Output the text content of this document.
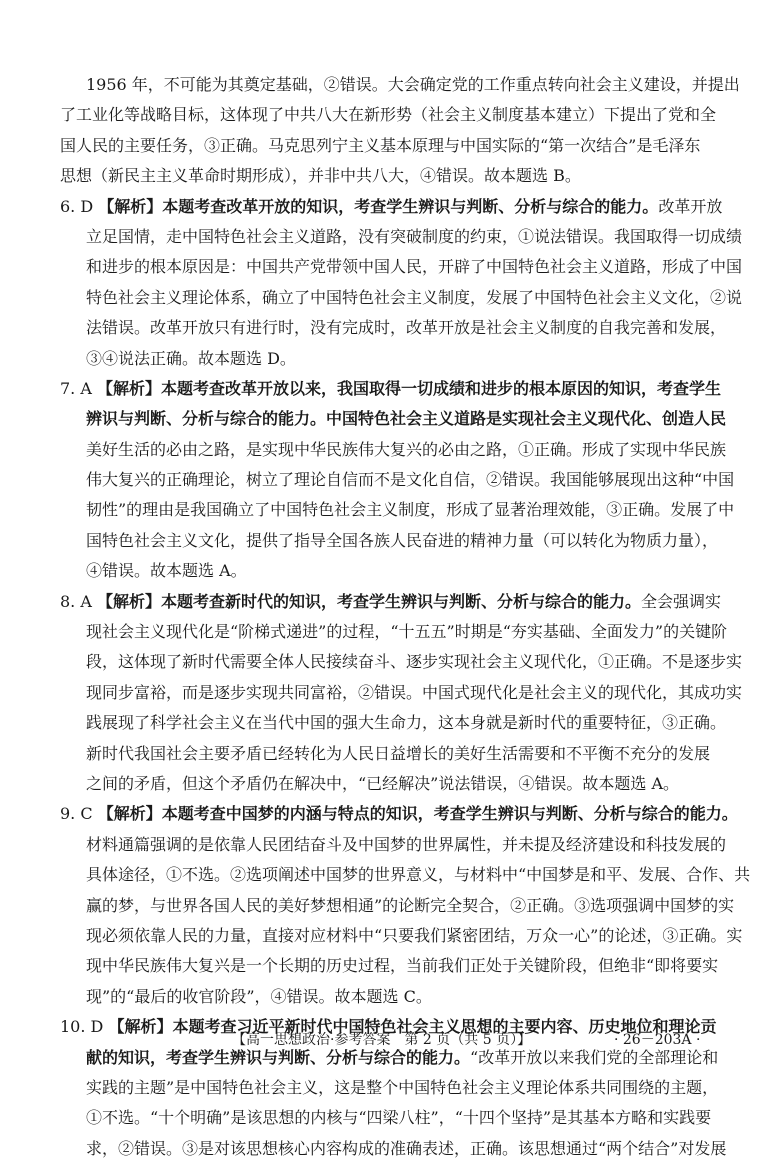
1956 年，不可能为其奠定基础，②错误。大会确定党的工作重点转向社会主义建设，并提出
了工业化等战略目标，这体现了中共八大在新形势（社会主义制度基本建立）下提出了党和全
国人民的主要任务，③正确。马克思列宁主义基本原理与中国实际的“第一次结合”是毛泽东
思想（新民主主义革命时期形成），并非中共八大，④错误。故本题选 B。
6. D 【解析】本题考查改革开放的知识，考查学生辨识与判断、分析与综合的能力。改革开放
立足国情，走中国特色社会主义道路，没有突破制度的约束，①说法错误。我国取得一切成绩
和进步的根本原因是：中国共产党带领中国人民，开辟了中国特色社会主义道路，形成了中国
特色社会主义理论体系，确立了中国特色社会主义制度，发展了中国特色社会主义文化，②说
法错误。改革开放只有进行时，没有完成时，改革开放是社会主义制度的自我完善和发展，
③④说法正确。故本题选 D。
7. A 【解析】本题考查改革开放以来，我国取得一切成绩和进步的根本原因的知识，考查学生
辨识与判断、分析与综合的能力。中国特色社会主义道路是实现社会主义现代化、创造人民
美好生活的必由之路，是实现中华民族伟大复兴的必由之路，①正确。形成了实现中华民族
伟大复兴的正确理论，树立了理论自信而不是文化自信，②错误。我国能够展现出这种“中国
韧性”的理由是我国确立了中国特色社会主义制度，形成了显著治理效能，③正确。发展了中
国特色社会主义文化，提供了指导全国各族人民奋进的精神力量（可以转化为物质力量），
④错误。故本题选 A。
8. A 【解析】本题考查新时代的知识，考查学生辨识与判断、分析与综合的能力。全会强调实
现社会主义现代化是“阶梯式递进”的过程，“十五五”时期是“夯实基础、全面发力”的关键阶
段，这体现了新时代需要全体人民接续奋斗、逐步实现社会主义现代化，①正确。不是逐步实
现同步富裕，而是逐步实现共同富裕，②错误。中国式现代化是社会主义的现代化，其成功实
践展现了科学社会主义在当代中国的强大生命力，这本身就是新时代的重要特征，③正确。
新时代我国社会主要矛盾已经转化为人民日益增长的美好生活需要和不平衡不充分的发展
之间的矛盾，但这个矛盾仍在解决中，“已经解决”说法错误，④错误。故本题选 A。
9. C 【解析】本题考查中国梦的内涵与特点的知识，考查学生辨识与判断、分析与综合的能力。
材料通篇强调的是依靠人民团结奋斗及中国梦的世界属性，并未提及经济建设和科技发展的
具体途径，①不选。②选项阐述中国梦的世界意义，与材料中“中国梦是和平、发展、合作、共
赢的梦，与世界各国人民的美好梦想相通”的论断完全契合，②正确。③选项强调中国梦的实
现必须依靠人民的力量，直接对应材料中“只要我们紧密团结，万众一心”的论述，③正确。实
现中华民族伟大复兴是一个长期的历史过程，当前我们正处于关键阶段，但绝非“即将要实
现”的“最后的收官阶段”，④错误。故本题选 C。
10. D 【解析】本题考查习近平新时代中国特色社会主义思想的主要内容、历史地位和理论贡
献的知识，考查学生辨识与判断、分析与综合的能力。“改革开放以来我们党的全部理论和
实践的主题”是中国特色社会主义，这是整个中国特色社会主义理论体系共同围绕的主题，
①不选。“十个明确”是该思想的内核与“四梁八柱”，“十四个坚持”是其基本方略和实践要
求，②错误。③是对该思想核心内容构成的准确表述，正确。该思想通过“两个结合”对发展
【高一思想政治·参考答案　第 2 页（共 5 页）】	· 26－203A ·
